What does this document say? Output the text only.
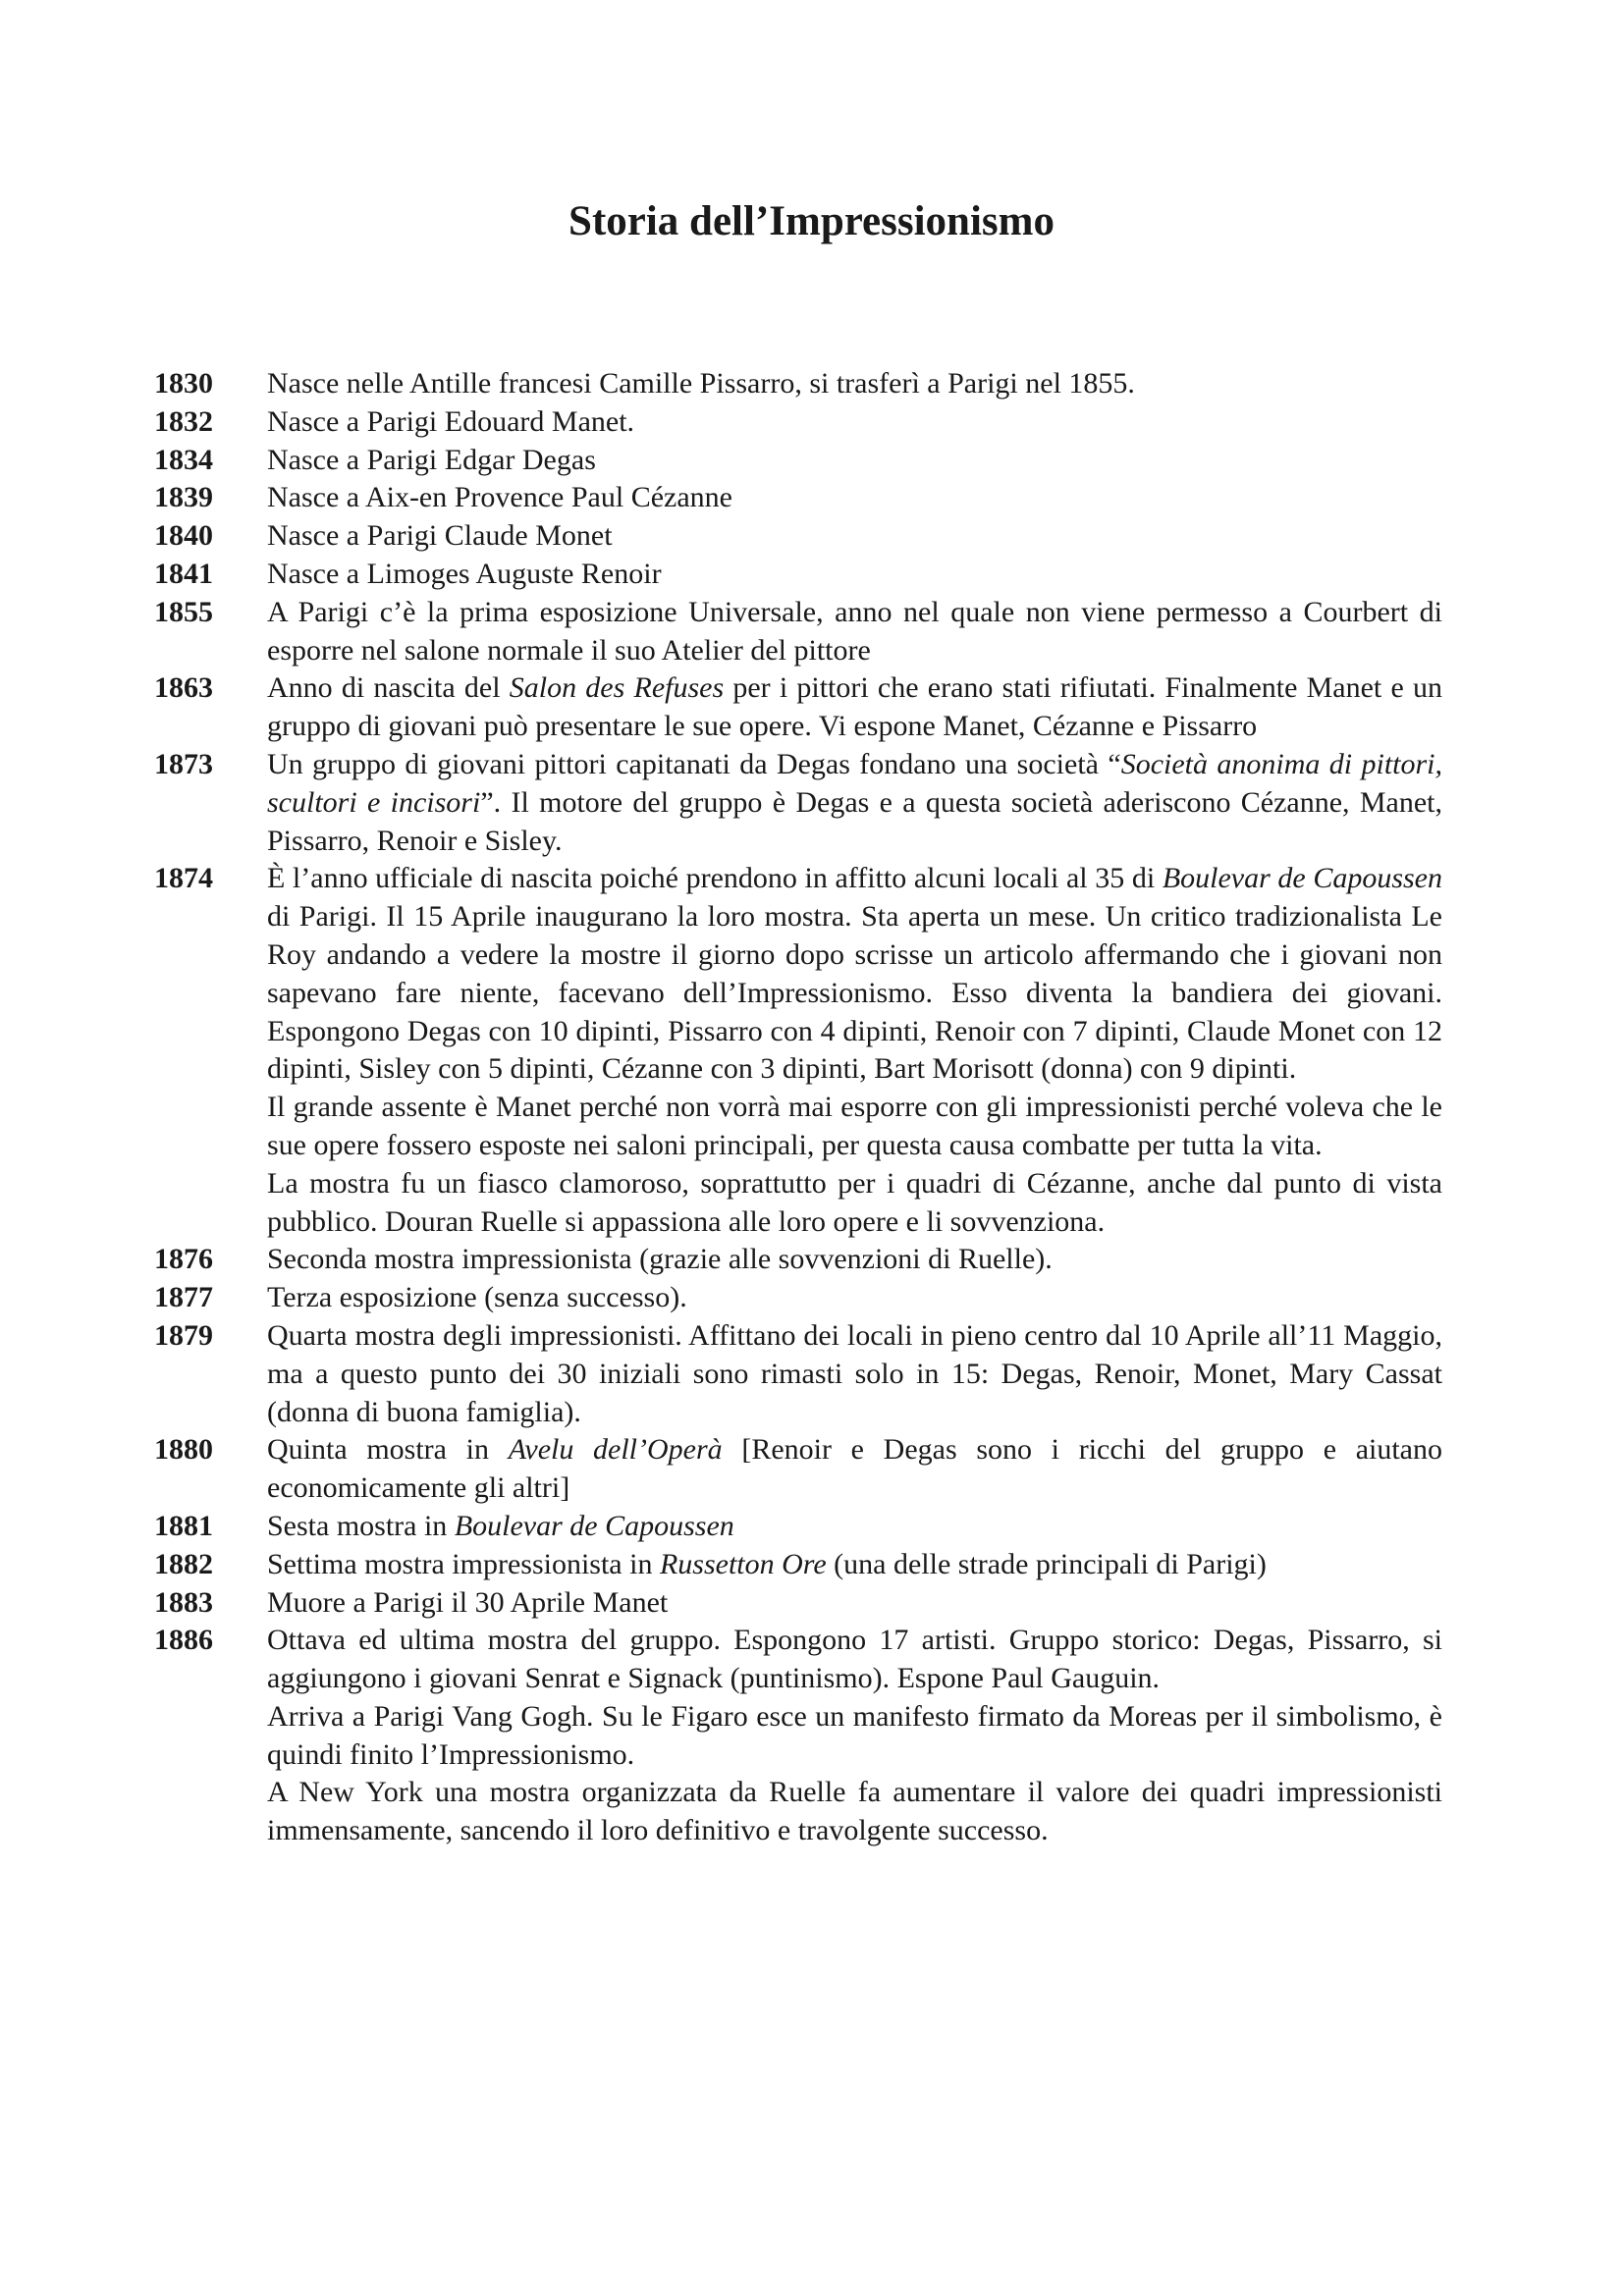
Storia dell’Impressionismo
1830	Nasce nelle Antille francesi Camille Pissarro, si trasferì a Parigi nel 1855.

1832	Nasce a Parigi Edouard Manet.

1834	Nasce a Parigi Edgar Degas

1839	Nasce a Aix-en Provence Paul Cézanne

1840	Nasce a Parigi Claude Monet

1841	Nasce a Limoges Auguste Renoir

1855	A Parigi c’è la prima esposizione Universale, anno nel quale non viene permesso a Courbert di esporre nel salone normale il suo Atelier del pittore

1863	Anno di nascita del Salon des Refuses per i pittori che erano stati rifiutati. Finalmente Manet e un gruppo di giovani può presentare le sue opere. Vi espone Manet, Cézanne e Pissarro

1873	Un gruppo di giovani pittori capitanati da Degas fondano una società “Società anonima di pittori, scultori e incisori”. Il motore del gruppo è Degas e a questa società aderiscono Cézanne, Manet, Pissarro, Renoir e Sisley.

1874	È l’anno ufficiale di nascita poiché prendono in affitto alcuni locali al 35 di Boulevar de Capoussen di Parigi. Il 15 Aprile inaugurano la loro mostra. Sta aperta un mese. Un critico tradizionalista Le Roy andando a vedere la mostre il giorno dopo scrisse un articolo affermando che i giovani non sapevano fare niente, facevano dell’Impressionismo. Esso diventa la bandiera dei giovani. Espongono Degas con 10 dipinti, Pissarro con 4 dipinti, Renoir con 7 dipinti, Claude Monet con 12 dipinti, Sisley con 5 dipinti, Cézanne con 3 dipinti, Bart Morisott (donna) con 9 dipinti.

Il grande assente è Manet perché non vorrà mai esporre con gli impressionisti perché voleva che le sue opere fossero esposte nei saloni principali, per questa causa combatte per tutta la vita.

La mostra fu un fiasco clamoroso, soprattutto per i quadri di Cézanne, anche dal punto di vista pubblico. Douran Ruelle si appassiona alle loro opere e li sovvenziona.

1876	Seconda mostra impressionista (grazie alle sovvenzioni di Ruelle).

1877	Terza esposizione (senza successo).

1879	Quarta mostra degli impressionisti. Affittano dei locali in pieno centro dal 10 Aprile all’11 Maggio, ma a questo punto dei 30 iniziali sono rimasti solo in 15: Degas, Renoir, Monet, Mary Cassat (donna di buona famiglia).

1880	Quinta mostra in Avelu dell’Operà [Renoir e Degas sono i ricchi del gruppo e aiutano economicamente gli altri]

1881	Sesta mostra in Boulevar de Capoussen

1882	Settima mostra impressionista in Russetton Ore (una delle strade principali di Parigi)

1883	Muore a Parigi il 30 Aprile Manet

1886	Ottava ed ultima mostra del gruppo. Espongono 17 artisti. Gruppo storico: Degas, Pissarro, si aggiungono i giovani Senrat e Signack (puntinismo). Espone Paul Gauguin.

Arriva a Parigi Vang Gogh. Su le Figaro esce un manifesto firmato da Moreas per il simbolismo, è quindi finito l’Impressionismo.

A New York una mostra organizzata da Ruelle fa aumentare il valore dei quadri impressionisti immensamente, sancendo il loro definitivo e travolgente successo.
